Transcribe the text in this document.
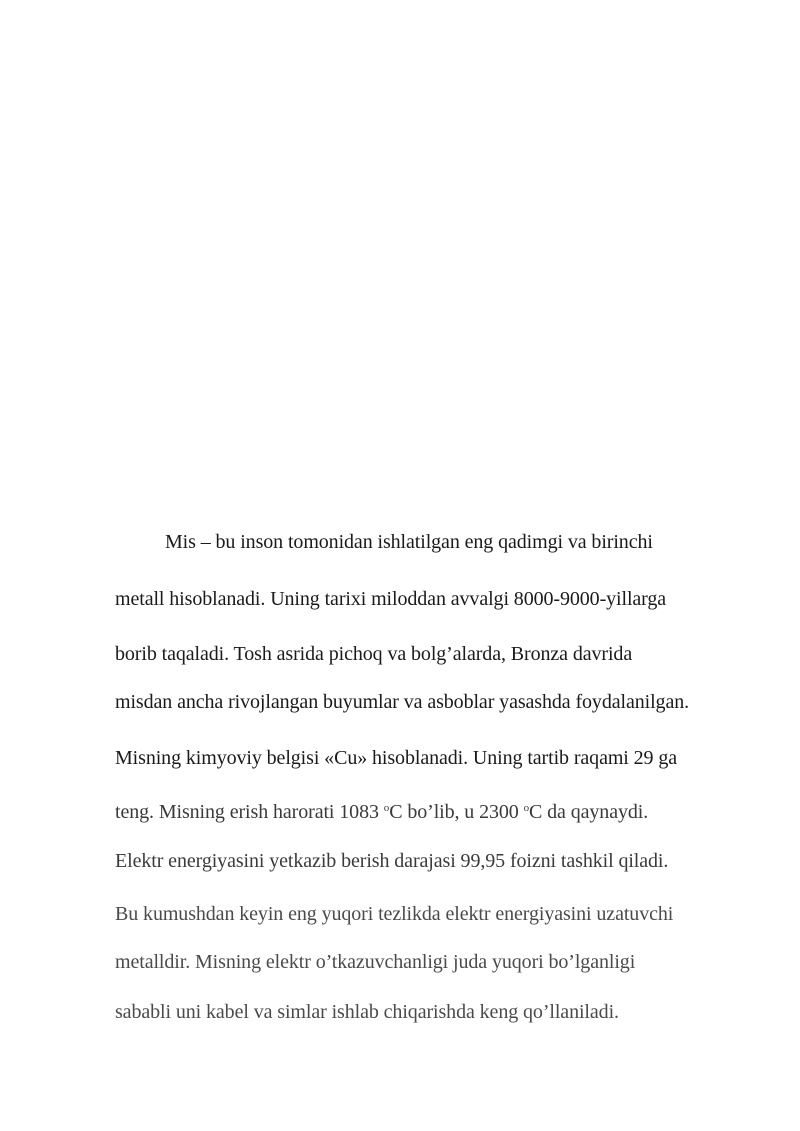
Mis – bu inson tomonidan ishlatilgan eng qadimgi va birinchi
metall hisoblanadi. Uning tarixi miloddan avvalgi 8000-9000-yillarga
borib taqaladi. Tosh asrida pichoq va bolg’alarda, Bronza davrida
misdan ancha rivojlangan buyumlar va asboblar yasashda foydalanilgan.
Misning kimyoviy belgisi «Cu» hisoblanadi. Uning tartib raqami 29 ga
teng. Misning erish harorati 1083 $^o$C bo’lib, u 2300 $^o$C da qaynaydi.
Elektr energiyasini yetkazib berish darajasi 99,95 foizni tashkil qiladi.
Bu kumushdan keyin eng yuqori tezlikda elektr energiyasini uzatuvchi
metalldir. Misning elektr o’tkazuvchanligi juda yuqori bo’lganligi
sababli uni kabel va simlar ishlab chiqarishda keng qo’llaniladi.
